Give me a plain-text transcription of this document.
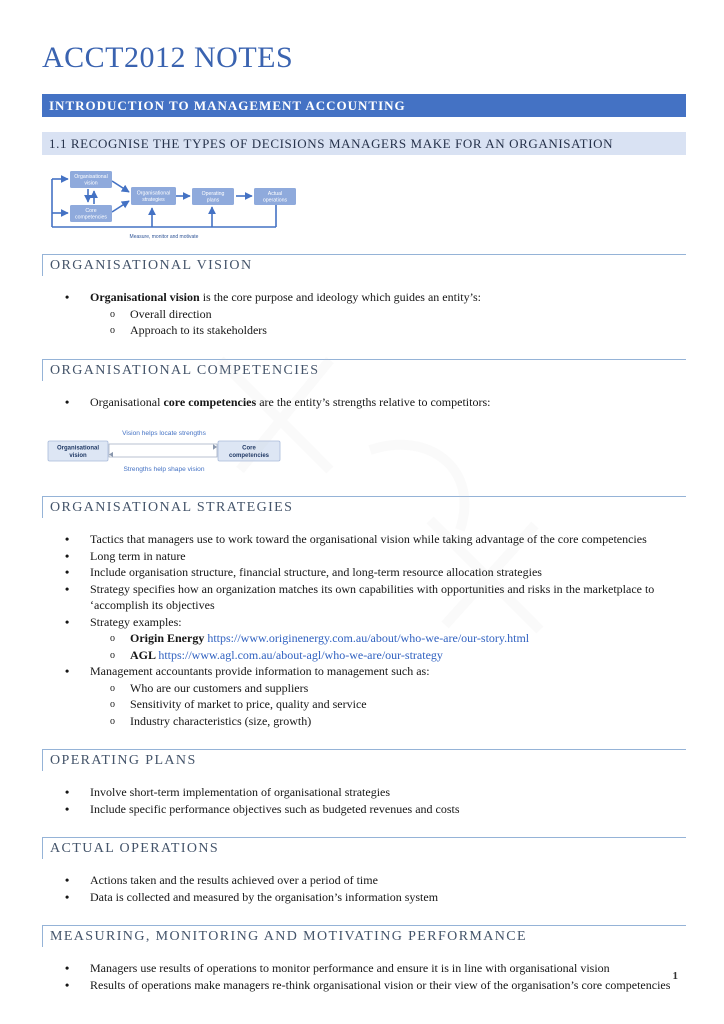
ACCT2012 NOTES
INTRODUCTION TO MANAGEMENT ACCOUNTING
1.1 RECOGNISE THE TYPES OF DECISIONS MANAGERS MAKE FOR AN ORGANISATION
Organisational
vision
Core
competencies
Organisational
strategies
Operating
plans
Actual
operations
Measure, monitor and motivate
ORGANISATIONAL VISION
• Organisational vision is the core purpose and ideology which guides an entity’s:
o Overall direction
o Approach to its stakeholders
ORGANISATIONAL COMPETENCIES
• Organisational core competencies are the entity’s strengths relative to competitors:
Vision helps locate strengths
Organisational
vision
Core
competencies
Strengths help shape vision
ORGANISATIONAL STRATEGIES
• Tactics that managers use to work toward the organisational vision while taking advantage of the core competencies
• Long term in nature
• Include organisation structure, financial structure, and long-term resource allocation strategies
• Strategy specifies how an organization matches its own capabilities with opportunities and risks in the marketplace to ‘accomplish its objectives
• Strategy examples:
o Origin Energy https://www.originenergy.com.au/about/who-we-are/our-story.html
o AGL https://www.agl.com.au/about-agl/who-we-are/our-strategy
• Management accountants provide information to management such as:
o Who are our customers and suppliers
o Sensitivity of market to price, quality and service
o Industry characteristics (size, growth)
OPERATING PLANS
• Involve short-term implementation of organisational strategies
• Include specific performance objectives such as budgeted revenues and costs
ACTUAL OPERATIONS
• Actions taken and the results achieved over a period of time
• Data is collected and measured by the organisation’s information system
MEASURING, MONITORING AND MOTIVATING PERFORMANCE
• Managers use results of operations to monitor performance and ensure it is in line with organisational vision
• Results of operations make managers re-think organisational vision or their view of the organisation’s core competencies
1
